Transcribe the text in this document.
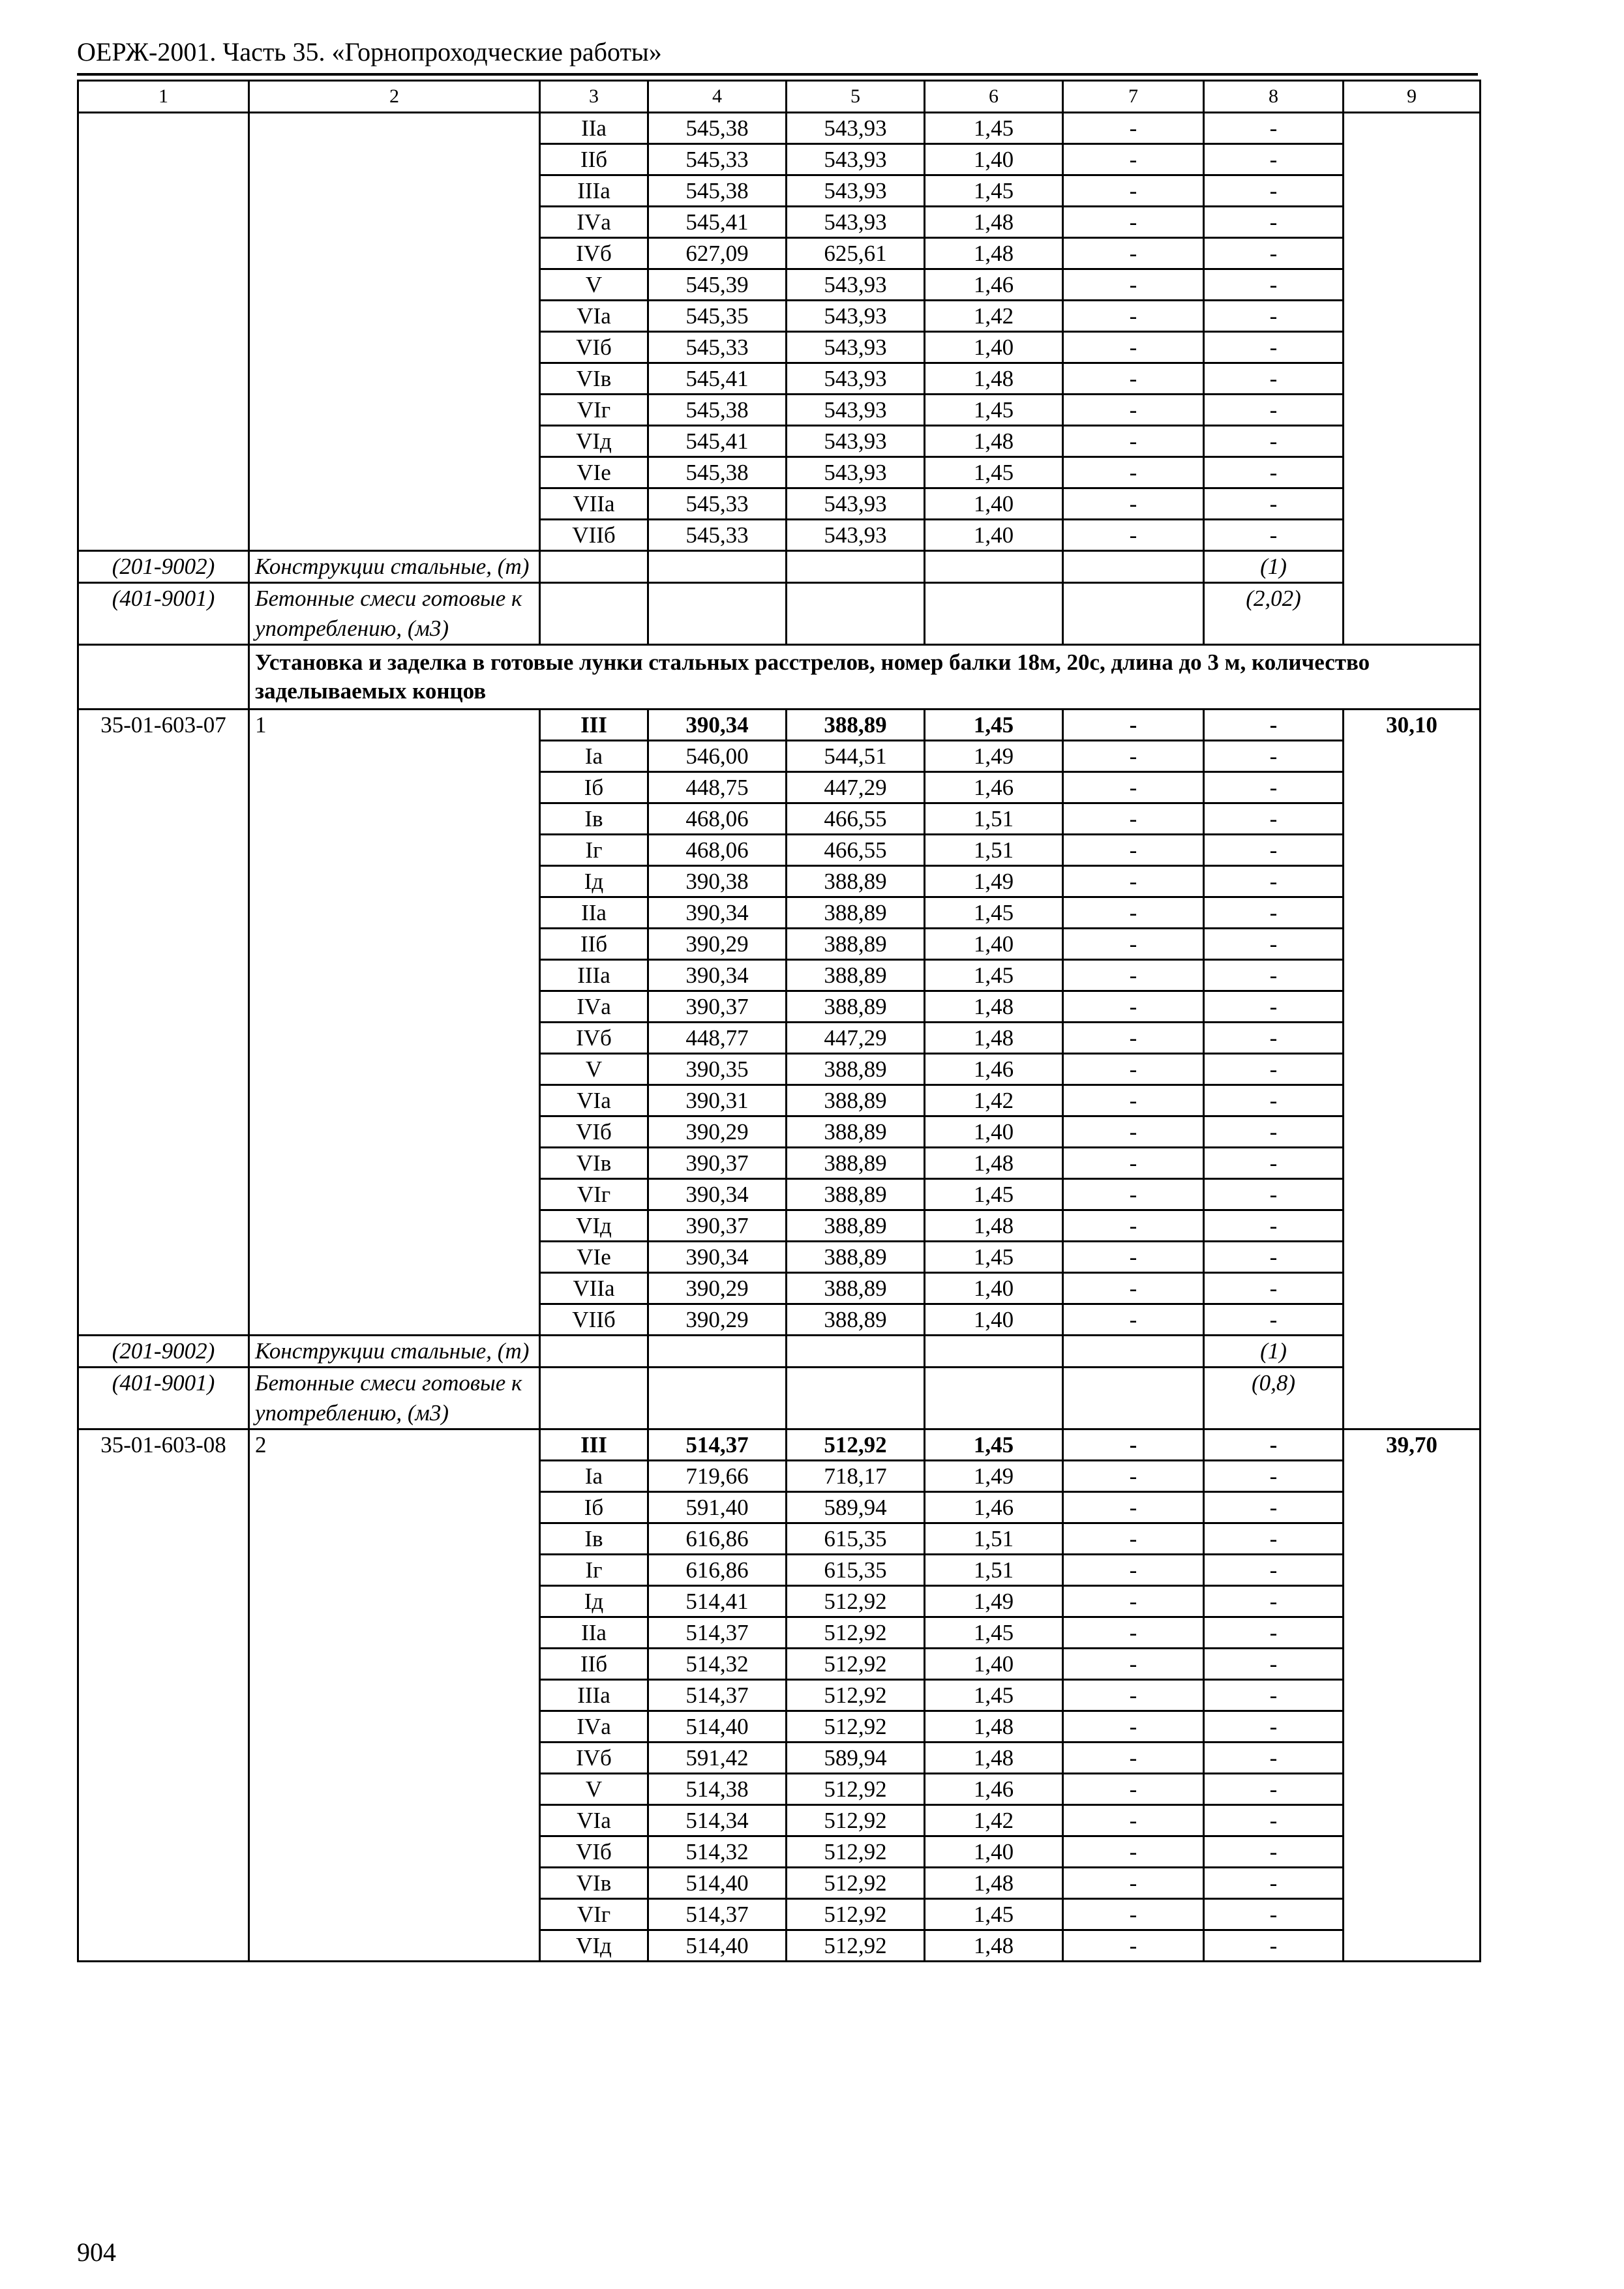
ОЕРЖ-2001. Часть 35. «Горнопроходческие работы»
1	2	3	4	5	6	7	8	9
		IIа	545,38	543,93	1,45	-	-	
		IIб	545,33	543,93	1,40	-	-	
		IIIа	545,38	543,93	1,45	-	-	
		IVа	545,41	543,93	1,48	-	-	
		IVб	627,09	625,61	1,48	-	-	
		V	545,39	543,93	1,46	-	-	
		VIа	545,35	543,93	1,42	-	-	
		VIб	545,33	543,93	1,40	-	-	
		VIв	545,41	543,93	1,48	-	-	
		VIг	545,38	543,93	1,45	-	-	
		VIд	545,41	543,93	1,48	-	-	
		VIе	545,38	543,93	1,45	-	-	
		VIIа	545,33	543,93	1,40	-	-	
		VIIб	545,33	543,93	1,40	-	-	
(201-9002)	Конструкции стальные, (т)						(1)	
(401-9001)	Бетонные смеси готовые к употреблению, (м3)						(2,02)	
	Установка и заделка в готовые лунки стальных расстрелов, номер балки 18м, 20с, длина до 3 м, количество заделываемых концов							
35-01-603-07	1	III	390,34	388,89	1,45	-	-	30,10
		Iа	546,00	544,51	1,49	-	-	
		Iб	448,75	447,29	1,46	-	-	
		Iв	468,06	466,55	1,51	-	-	
		Iг	468,06	466,55	1,51	-	-	
		Iд	390,38	388,89	1,49	-	-	
		IIа	390,34	388,89	1,45	-	-	
		IIб	390,29	388,89	1,40	-	-	
		IIIа	390,34	388,89	1,45	-	-	
		IVа	390,37	388,89	1,48	-	-	
		IVб	448,77	447,29	1,48	-	-	
		V	390,35	388,89	1,46	-	-	
		VIа	390,31	388,89	1,42	-	-	
		VIб	390,29	388,89	1,40	-	-	
		VIв	390,37	388,89	1,48	-	-	
		VIг	390,34	388,89	1,45	-	-	
		VIд	390,37	388,89	1,48	-	-	
		VIе	390,34	388,89	1,45	-	-	
		VIIа	390,29	388,89	1,40	-	-	
		VIIб	390,29	388,89	1,40	-	-	
(201-9002)	Конструкции стальные, (т)						(1)	
(401-9001)	Бетонные смеси готовые к употреблению, (м3)						(0,8)	
35-01-603-08	2	III	514,37	512,92	1,45	-	-	39,70
		Iа	719,66	718,17	1,49	-	-	
		Iб	591,40	589,94	1,46	-	-	
		Iв	616,86	615,35	1,51	-	-	
		Iг	616,86	615,35	1,51	-	-	
		Iд	514,41	512,92	1,49	-	-	
		IIа	514,37	512,92	1,45	-	-	
		IIб	514,32	512,92	1,40	-	-	
		IIIа	514,37	512,92	1,45	-	-	
		IVа	514,40	512,92	1,48	-	-	
		IVб	591,42	589,94	1,48	-	-	
		V	514,38	512,92	1,46	-	-	
		VIа	514,34	512,92	1,42	-	-	
		VIб	514,32	512,92	1,40	-	-	
		VIв	514,40	512,92	1,48	-	-	
		VIг	514,37	512,92	1,45	-	-	
		VIд	514,40	512,92	1,48	-	-	
904
